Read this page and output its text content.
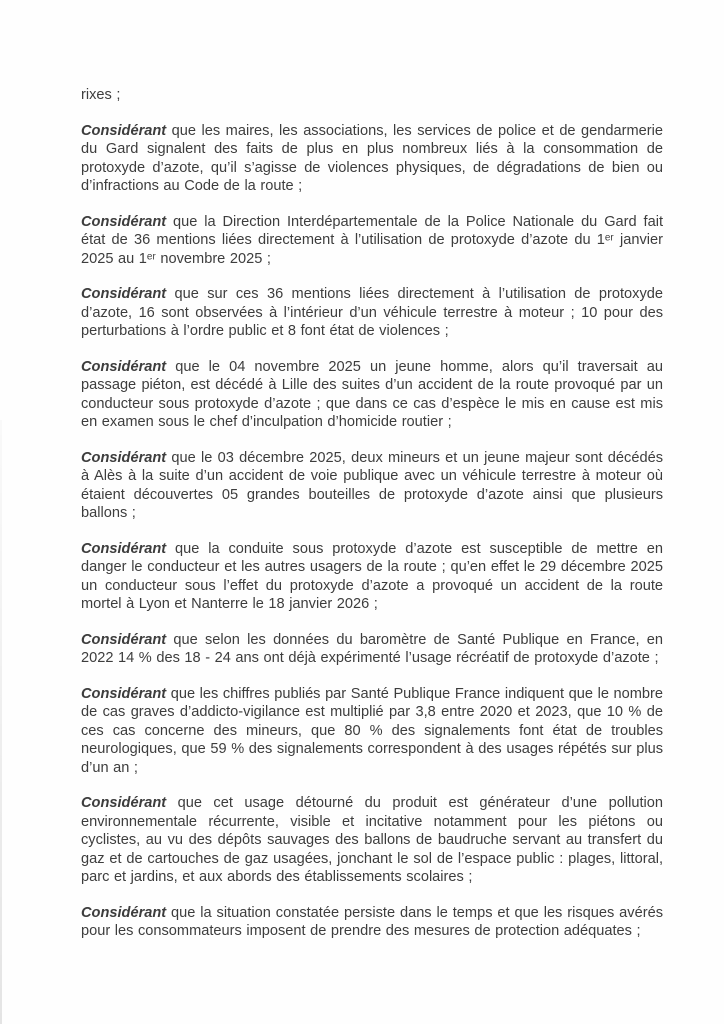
rixes ;

Considérant que les maires, les associations, les services de police et de gendarmerie du Gard signalent des faits de plus en plus nombreux liés à la consommation de protoxyde d’azote, qu’il s’agisse de violences physiques, de dégradations de bien ou d’infractions au Code de la route ;

Considérant que la Direction Interdépartementale de la Police Nationale du Gard fait état de 36 mentions liées directement à l’utilisation de protoxyde d’azote du 1ᵉʳ janvier 2025 au 1ᵉʳ novembre 2025 ;

Considérant que sur ces 36 mentions liées directement à l’utilisation de protoxyde d’azote, 16 sont observées à l’intérieur d’un véhicule terrestre à moteur ; 10 pour des perturbations à l’ordre public et 8 font état de violences ;

Considérant que le 04 novembre 2025 un jeune homme, alors qu’il traversait au passage piéton, est décédé à Lille des suites d’un accident de la route provoqué par un conducteur sous protoxyde d’azote ; que dans ce cas d’espèce le mis en cause est mis en examen sous le chef d’inculpation d’homicide routier ;

Considérant que le 03 décembre 2025, deux mineurs et un jeune majeur sont décédés à Alès à la suite d’un accident de voie publique avec un véhicule terrestre à moteur où étaient découvertes 05 grandes bouteilles de protoxyde d’azote ainsi que plusieurs ballons ;

Considérant que la conduite sous protoxyde d’azote est susceptible de mettre en danger le conducteur et les autres usagers de la route ; qu’en effet le 29 décembre 2025 un conducteur sous l’effet du protoxyde d’azote a provoqué un accident de la route mortel à Lyon et Nanterre le 18 janvier 2026 ;

Considérant que selon les données du baromètre de Santé Publique en France, en 2022 14 % des 18 - 24 ans ont déjà expérimenté l’usage récréatif de protoxyde d’azote ;

Considérant que les chiffres publiés par Santé Publique France indiquent que le nombre de cas graves d’addicto-vigilance est multiplié par 3,8 entre 2020 et 2023, que 10 % de ces cas concerne des mineurs, que 80 % des signalements font état de troubles neurologiques, que 59 % des signalements correspondent à des usages répétés sur plus d’un an ;

Considérant que cet usage détourné du produit est générateur d’une pollution environnementale récurrente, visible et incitative notamment pour les piétons ou cyclistes, au vu des dépôts sauvages des ballons de baudruche servant au transfert du gaz et de cartouches de gaz usagées, jonchant le sol de l’espace public : plages, littoral, parc et jardins, et aux abords des établissements scolaires ;

Considérant que la situation constatée persiste dans le temps et que les risques avérés pour les consommateurs imposent de prendre des mesures de protection adéquates ;
